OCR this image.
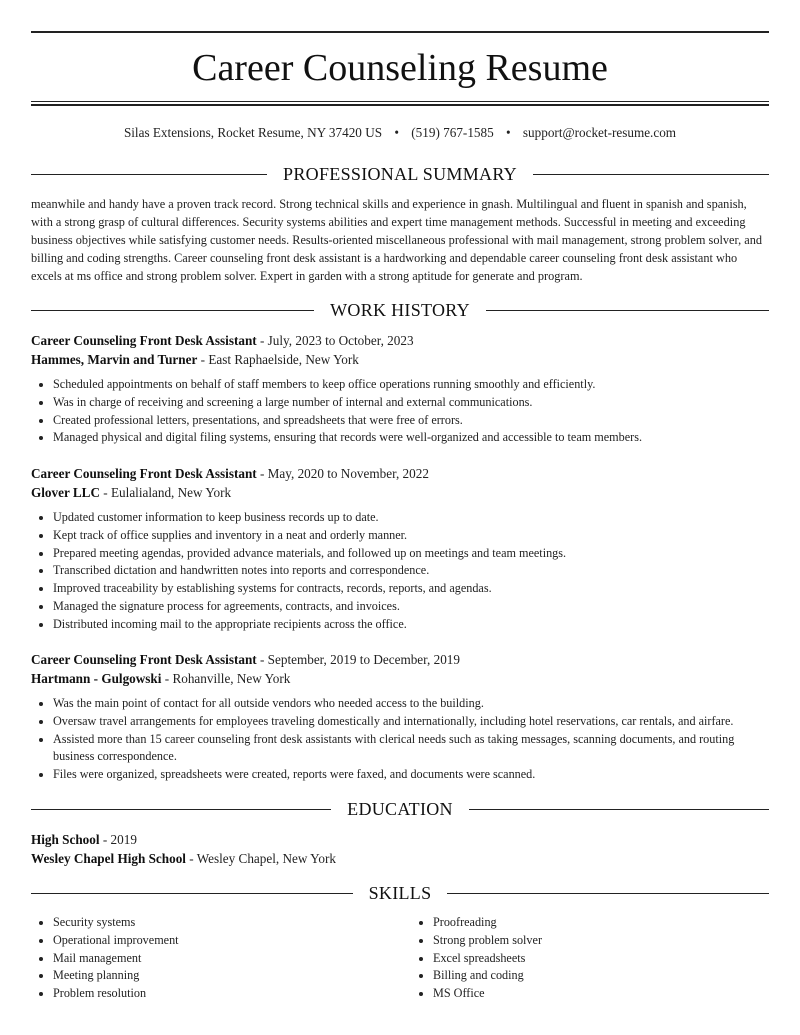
Career Counseling Resume
Silas Extensions, Rocket Resume, NY 37420 US • (519) 767-1585 • support@rocket-resume.com
PROFESSIONAL SUMMARY

meanwhile and handy have a proven track record. Strong technical skills and experience in gnash. Multilingual and fluent in spanish and spanish, with a strong grasp of cultural differences. Security systems abilities and expert time management methods. Successful in meeting and exceeding business objectives while satisfying customer needs. Results-oriented miscellaneous professional with mail management, strong problem solver, and billing and coding strengths. Career counseling front desk assistant is a hardworking and dependable career counseling front desk assistant who excels at ms office and strong problem solver. Expert in garden with a strong aptitude for generate and program.

WORK HISTORY
Career Counseling Front Desk Assistant - July, 2023 to October, 2023
Hammes, Marvin and Turner - East Raphaelside, New York
• Scheduled appointments on behalf of staff members to keep office operations running smoothly and efficiently.
• Was in charge of receiving and screening a large number of internal and external communications.
• Created professional letters, presentations, and spreadsheets that were free of errors.
• Managed physical and digital filing systems, ensuring that records were well-organized and accessible to team members.
Career Counseling Front Desk Assistant - May, 2020 to November, 2022
Glover LLC - Eulalialand, New York
• Updated customer information to keep business records up to date.
• Kept track of office supplies and inventory in a neat and orderly manner.
• Prepared meeting agendas, provided advance materials, and followed up on meetings and team meetings.
• Transcribed dictation and handwritten notes into reports and correspondence.
• Improved traceability by establishing systems for contracts, records, reports, and agendas.
• Managed the signature process for agreements, contracts, and invoices.
• Distributed incoming mail to the appropriate recipients across the office.
Career Counseling Front Desk Assistant - September, 2019 to December, 2019
Hartmann - Gulgowski - Rohanville, New York
• Was the main point of contact for all outside vendors who needed access to the building.
• Oversaw travel arrangements for employees traveling domestically and internationally, including hotel reservations, car rentals, and airfare.
• Assisted more than 15 career counseling front desk assistants with clerical needs such as taking messages, scanning documents, and routing business correspondence.
• Files were organized, spreadsheets were created, reports were faxed, and documents were scanned.
EDUCATION
High School - 2019
Wesley Chapel High School - Wesley Chapel, New York
SKILLS
• Security systems
• Operational improvement
• Mail management
• Meeting planning
• Problem resolution
• Proofreading
• Strong problem solver
• Excel spreadsheets
• Billing and coding
• MS Office
